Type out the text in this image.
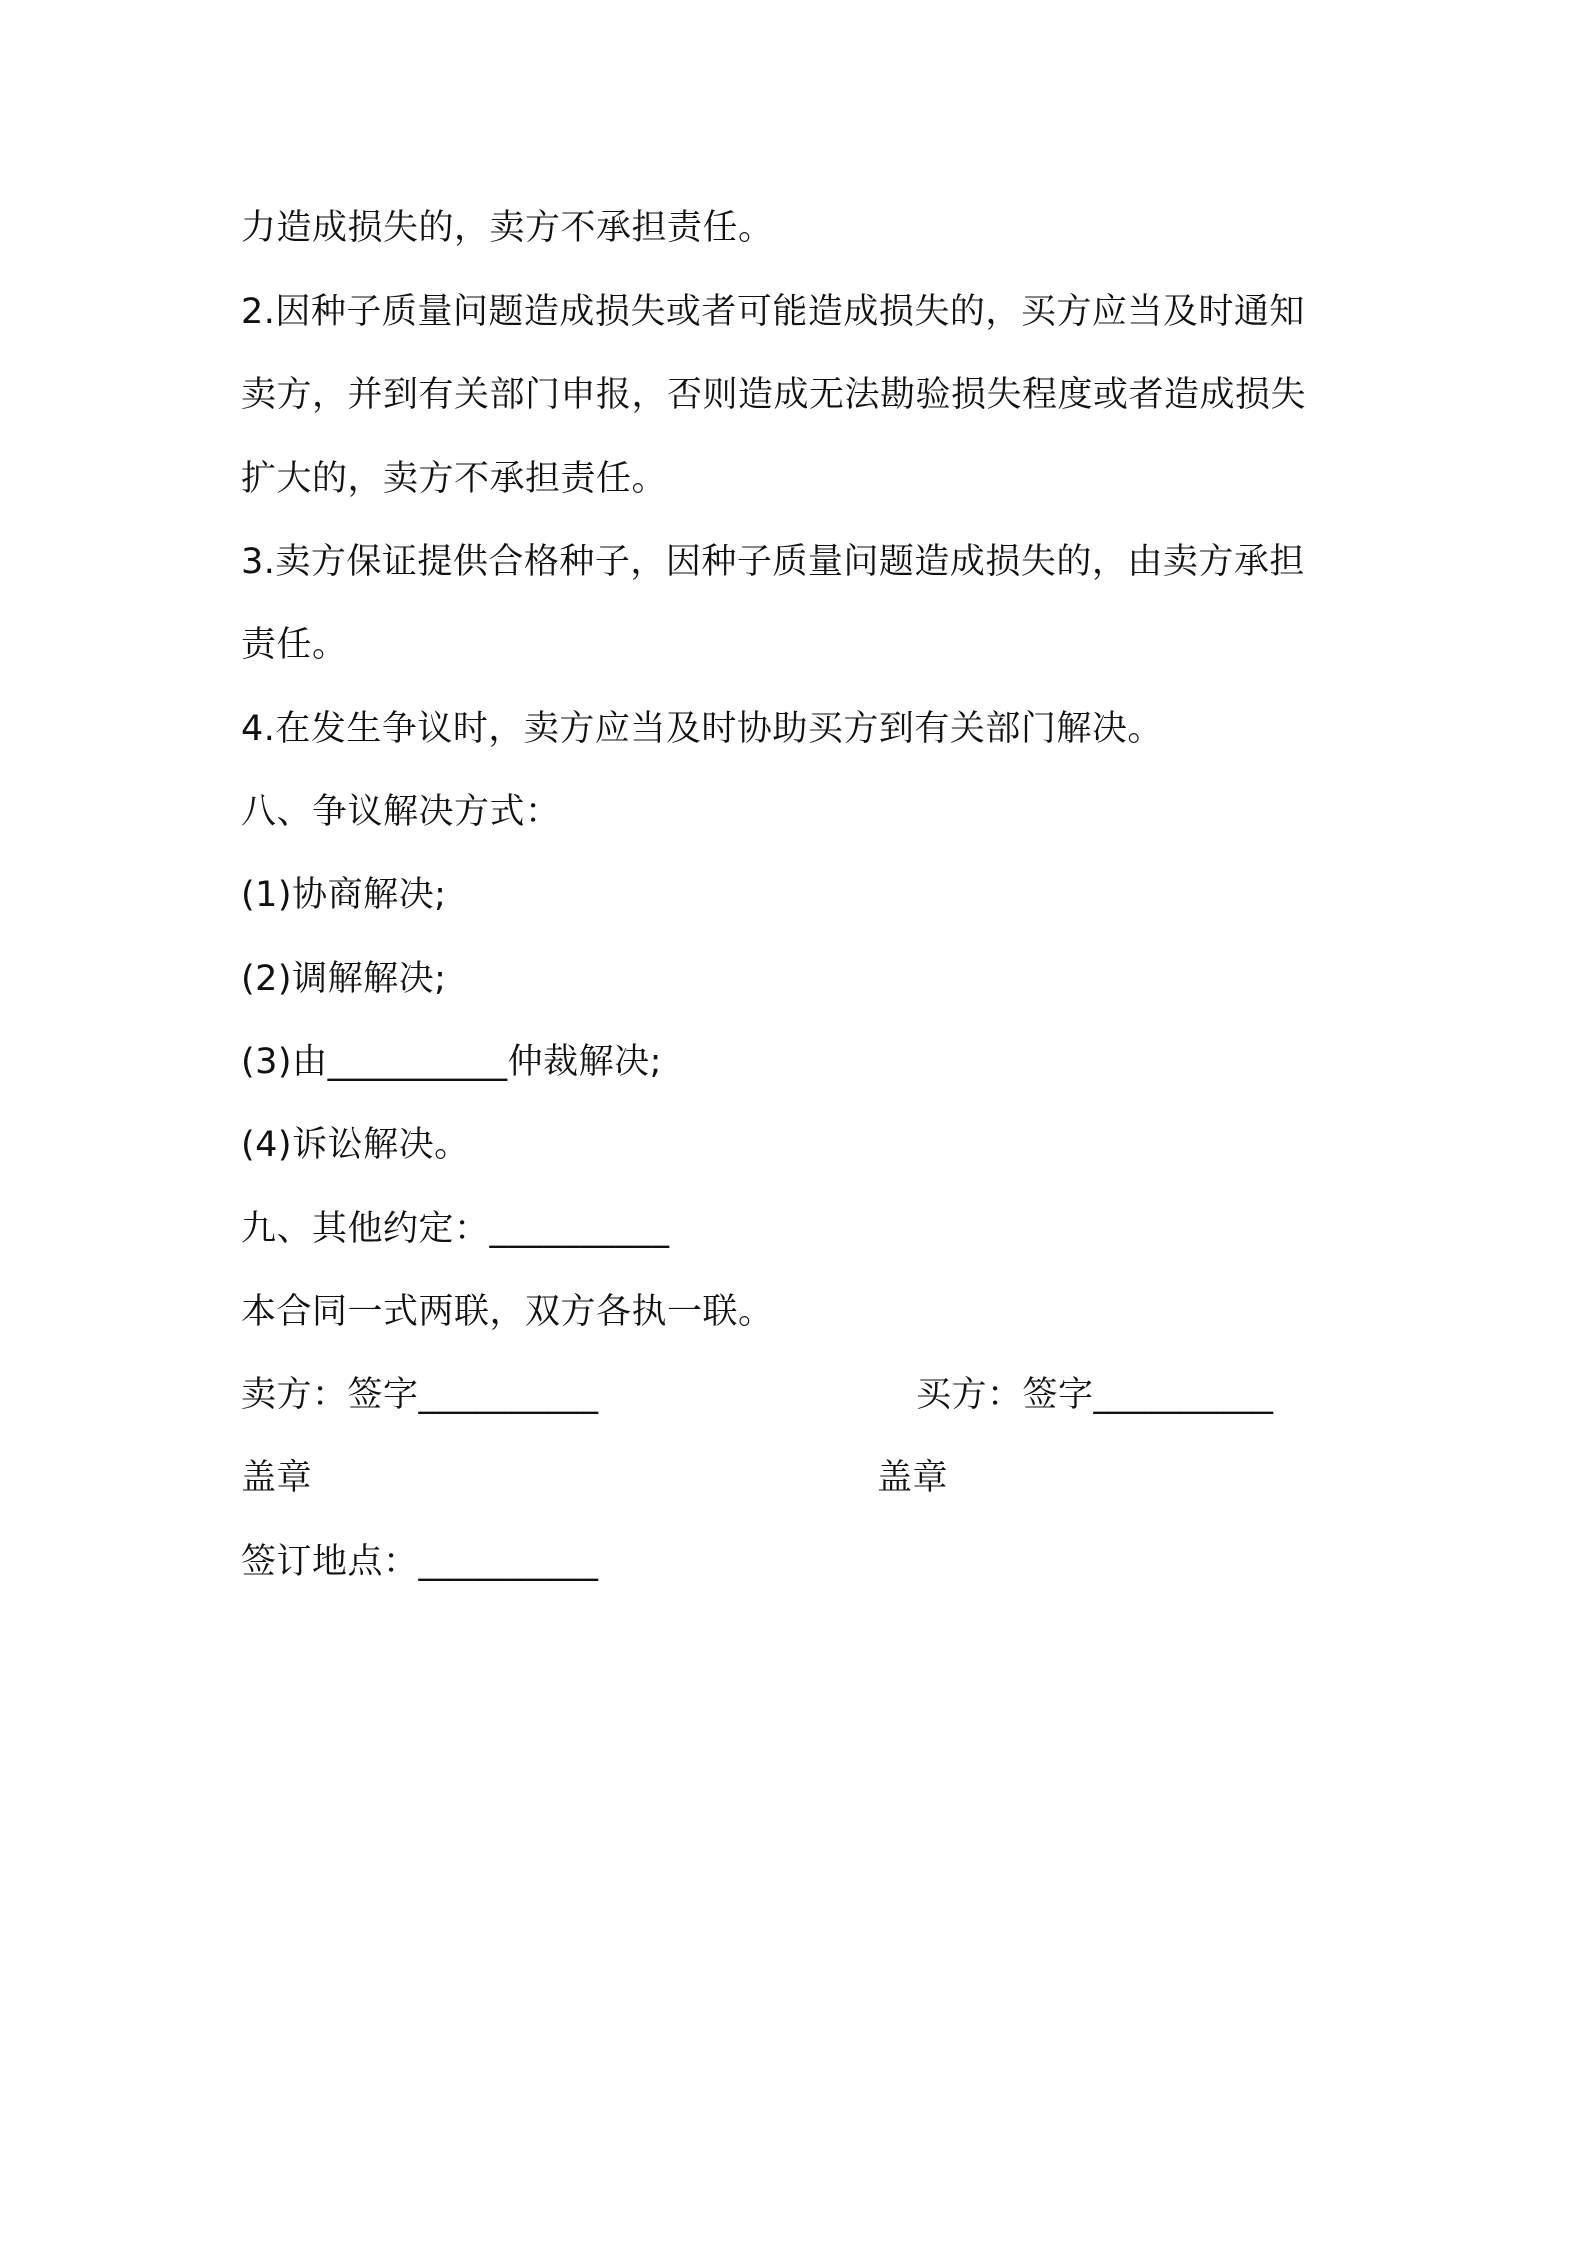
力造成损失的，卖方不承担责任。
2.因种子质量问题造成损失或者可能造成损失的，买方应当及时通知
卖方，并到有关部门申报，否则造成无法勘验损失程度或者造成损失
扩大的，卖方不承担责任。
3.卖方保证提供合格种子，因种子质量问题造成损失的，由卖方承担
责任。
4.在发生争议时，卖方应当及时协助买方到有关部门解决。
八、争议解决方式：
(1)协商解决;
(2)调解解决;
(3)由__________仲裁解决;
(4)诉讼解决。
九、其他约定：__________
本合同一式两联，双方各执一联。
卖方：签字__________	买方：签字__________
盖章	盖章
签订地点：__________
